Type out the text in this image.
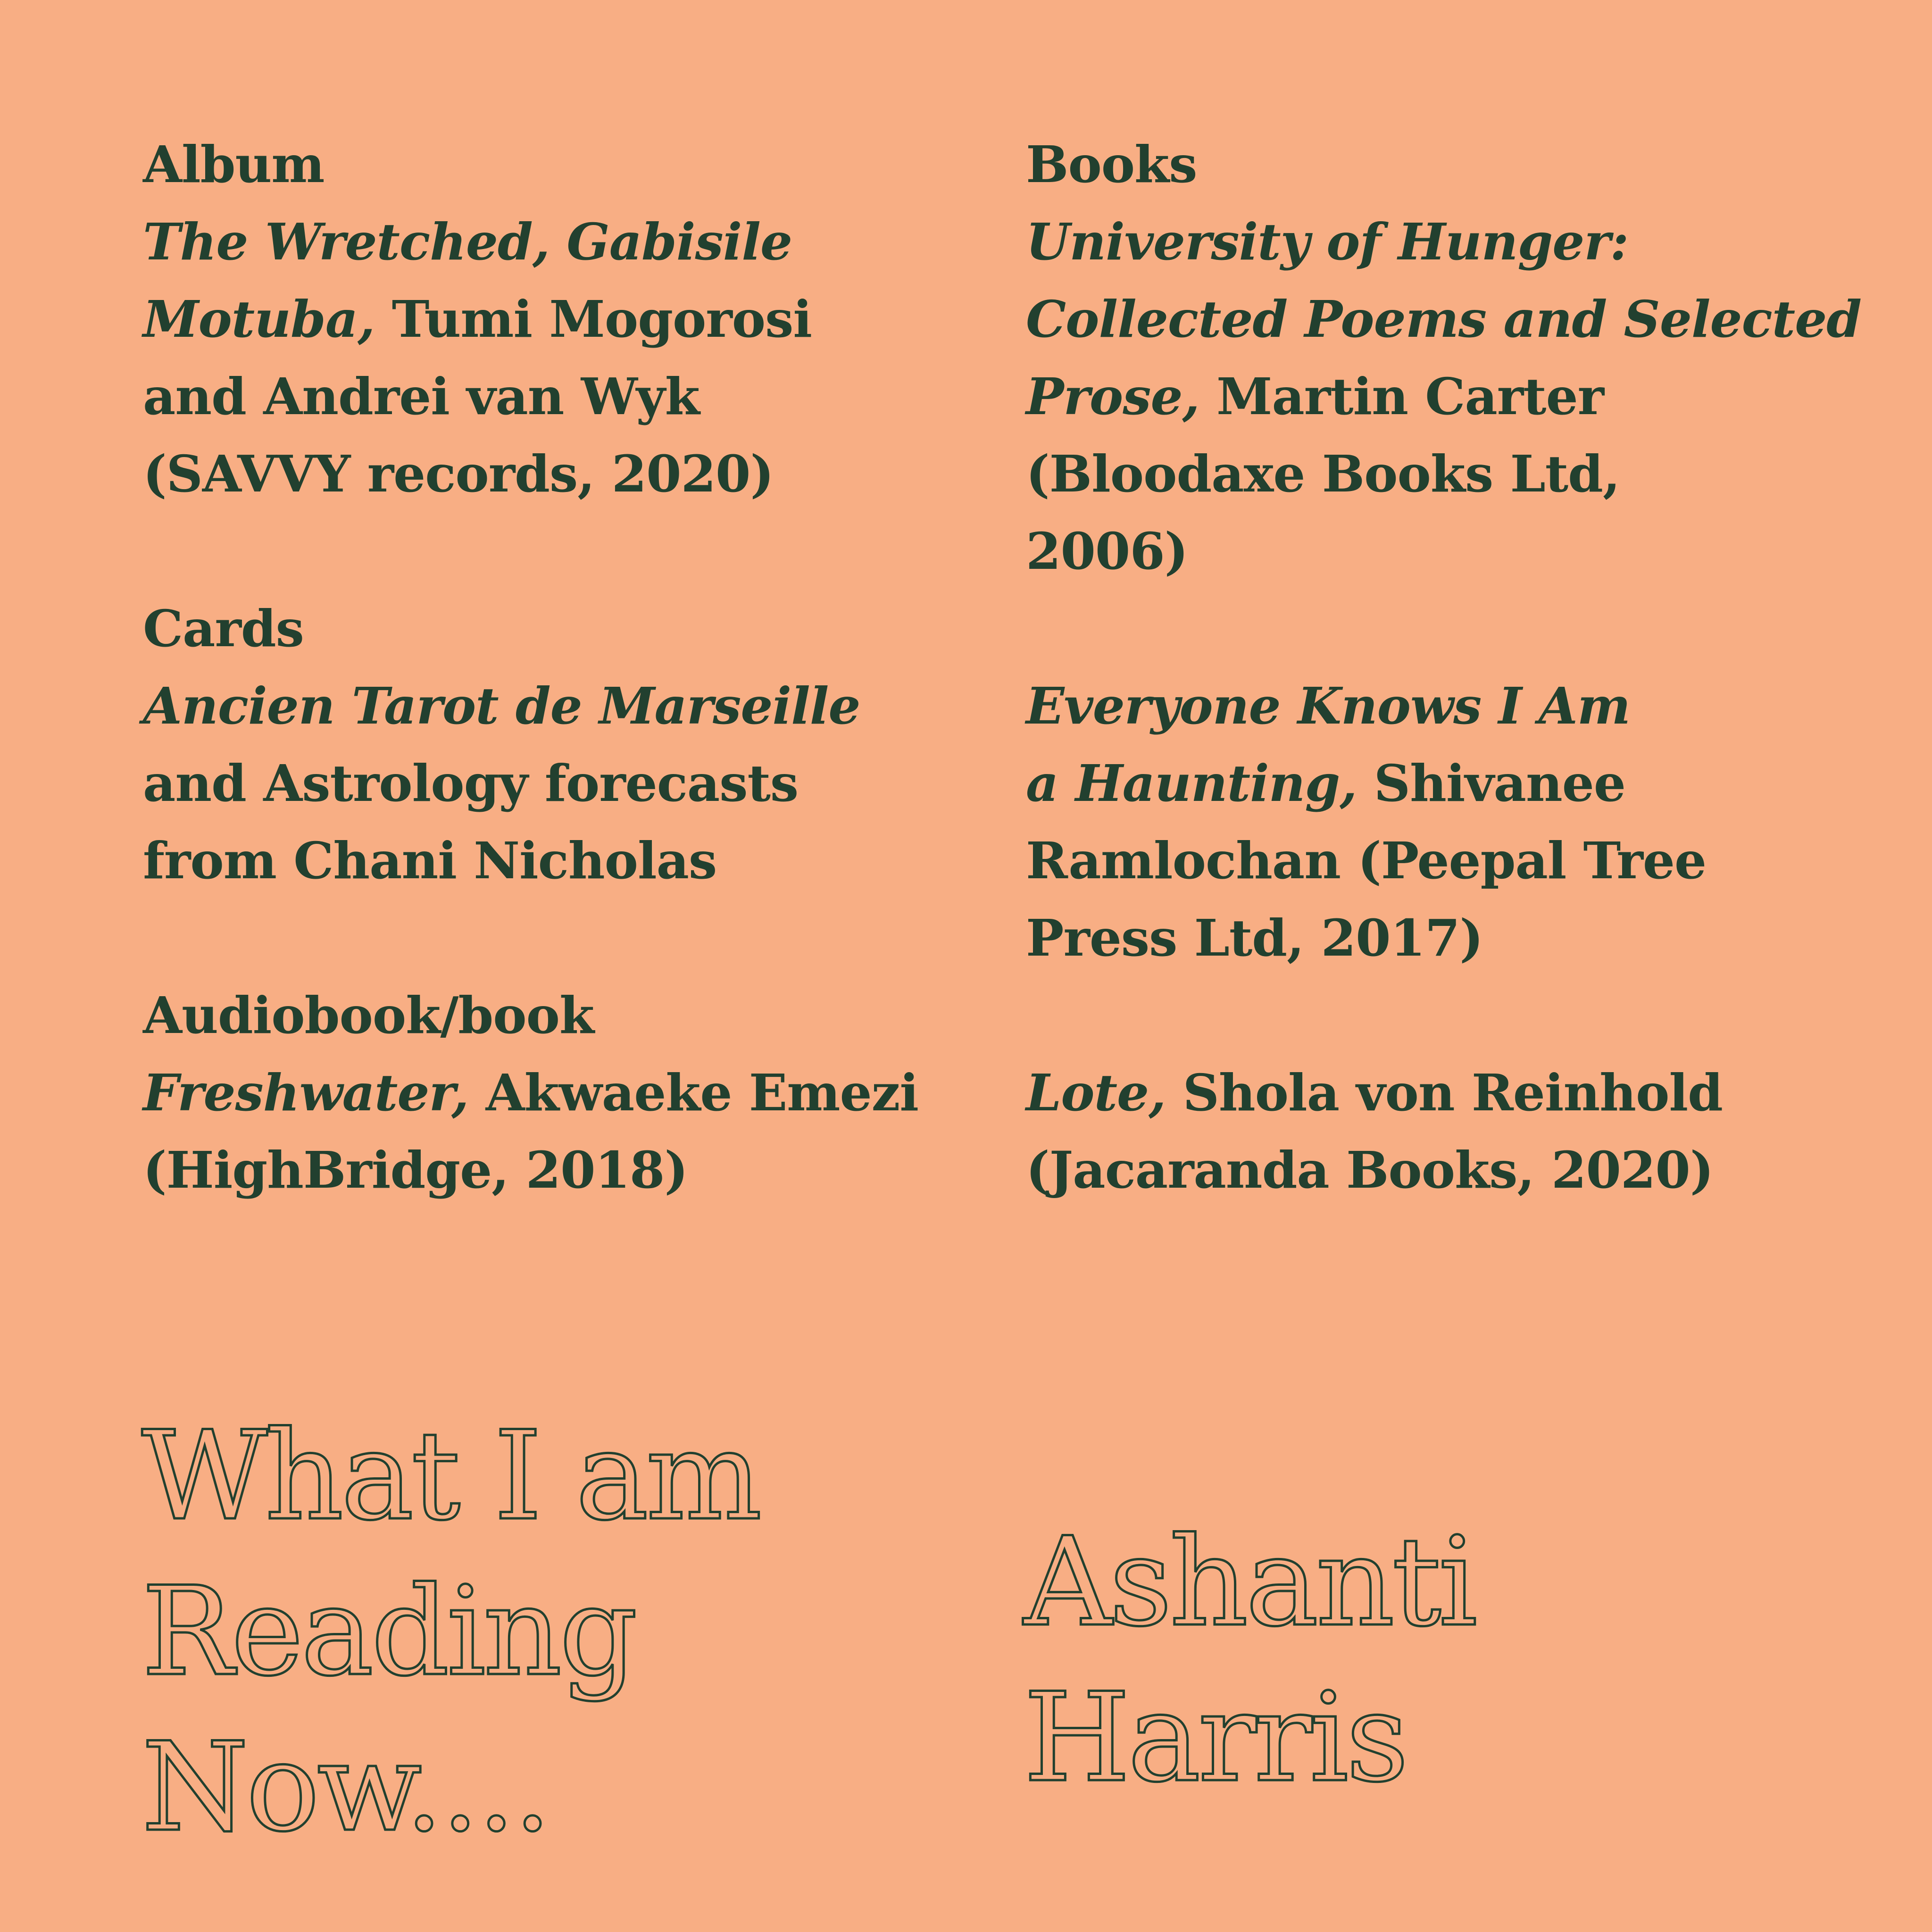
Album
The Wretched, Gabisile
Motuba, Tumi Mogorosi
and Andrei van Wyk
(SAVVY records, 2020)
Cards
Ancien Tarot de Marseille
and Astrology forecasts
from Chani Nicholas
Audiobook/book
Freshwater, Akwaeke Emezi
(HighBridge, 2018)
Books
University of Hunger:
Collected Poems and Selected
Prose, Martin Carter
(Bloodaxe Books Ltd,
2006)
Everyone Knows I Am
a Haunting, Shivanee
Ramlochan (Peepal Tree
Press Ltd, 2017)
Lote, Shola von Reinhold
(Jacaranda Books, 2020)
What I am
Reading
Now....
Ashanti
Harris
